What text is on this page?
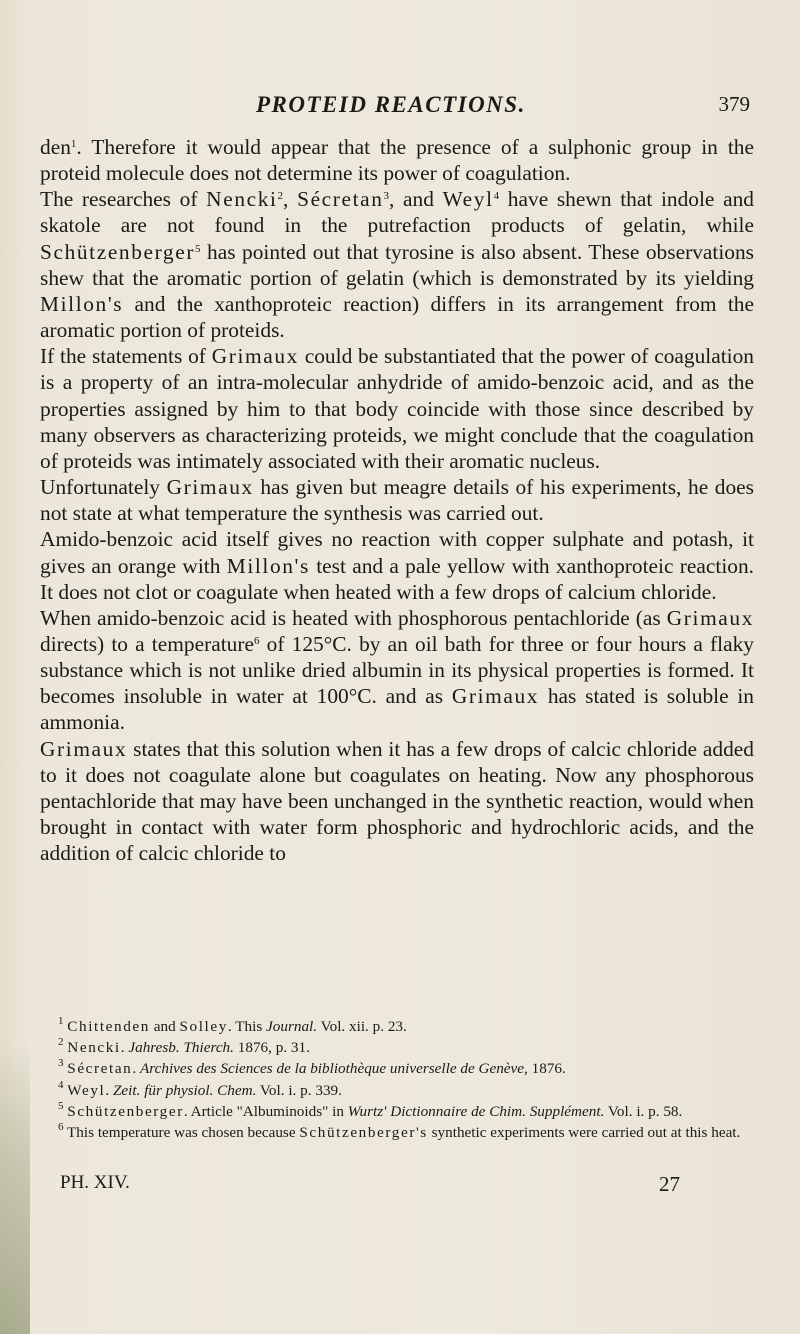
PROTEID REACTIONS.	379

den$^1$. Therefore it would appear that the presence of a sulphonic group in the proteid molecule does not determine its power of coagulation.

The researches of Nencki$^2$, Sécretan$^3$, and Weyl$^4$ have shewn that indole and skatole are not found in the putrefaction products of gelatin, while Schützenberger$^5$ has pointed out that tyrosine is also absent. These observations shew that the aromatic portion of gelatin (which is demonstrated by its yielding Millon's and the xanthoproteic reaction) differs in its arrangement from the aromatic portion of proteids.

If the statements of Grimaux could be substantiated that the power of coagulation is a property of an intra-molecular anhydride of amido-benzoic acid, and as the properties assigned by him to that body coincide with those since described by many observers as characterizing proteids, we might conclude that the coagulation of proteids was intimately associated with their aromatic nucleus.

Unfortunately Grimaux has given but meagre details of his experiments, he does not state at what temperature the synthesis was carried out.

Amido-benzoic acid itself gives no reaction with copper sulphate and potash, it gives an orange with Millon's test and a pale yellow with xanthoproteic reaction. It does not clot or coagulate when heated with a few drops of calcium chloride.

When amido-benzoic acid is heated with phosphorous pentachloride (as Grimaux directs) to a temperature$^6$ of 125°C. by an oil bath for three or four hours a flaky substance which is not unlike dried albumin in its physical properties is formed. It becomes insoluble in water at 100°C. and as Grimaux has stated is soluble in ammonia.

Grimaux states that this solution when it has a few drops of calcic chloride added to it does not coagulate alone but coagulates on heating. Now any phosphorous pentachloride that may have been unchanged in the synthetic reaction, would when brought in contact with water form phosphoric and hydrochloric acids, and the addition of calcic chloride to

$^1$ Chittenden and Solley. This Journal. Vol. xii. p. 23.

$^2$ Nencki. Jahresb. Thierch. 1876, p. 31.

$^3$ Sécretan. Archives des Sciences de la bibliothèque universelle de Genève, 1876.

$^4$ Weyl. Zeit. für physiol. Chem. Vol. i. p. 339.

$^5$ Schützenberger. Article "Albuminoids" in Wurtz' Dictionnaire de Chim. Supplément. Vol. i. p. 58.

$^6$ This temperature was chosen because Schützenberger's synthetic experiments were carried out at this heat.

PH. XIV.	27
